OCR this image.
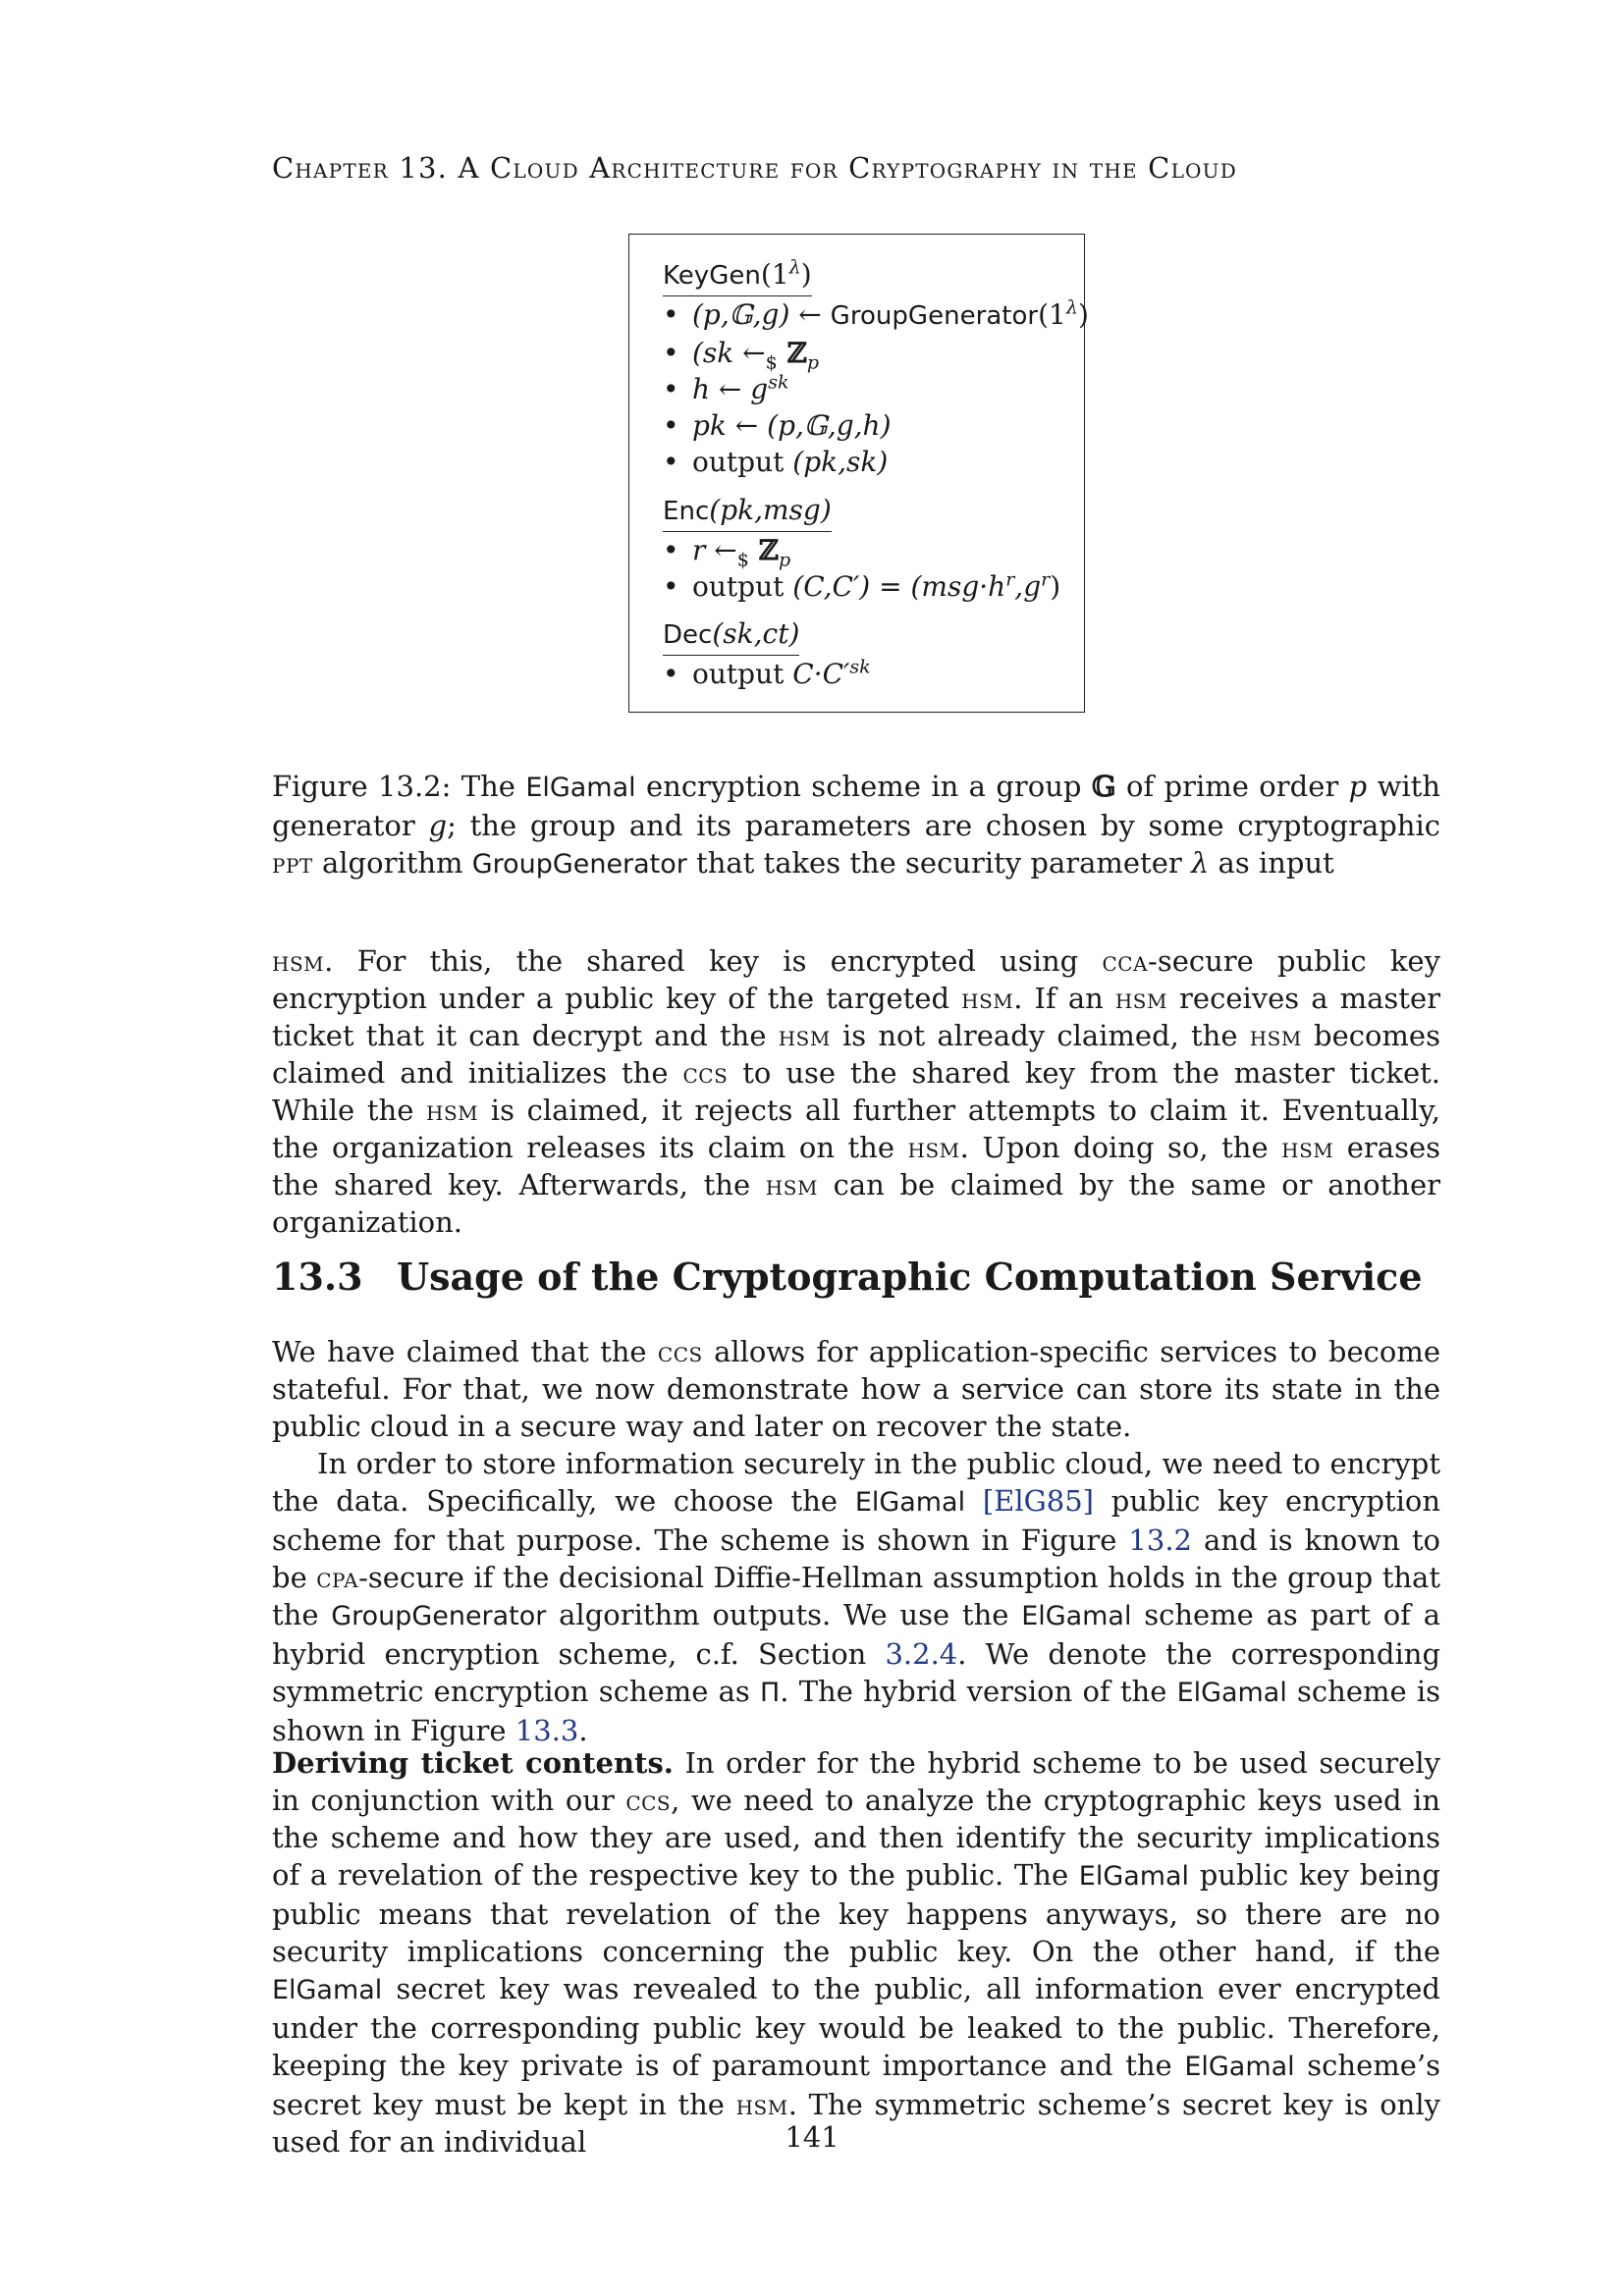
Chapter 13. A Cloud Architecture for Cryptography in the Cloud
$KeyGen(1^\lambda)$
• (p,𝔾,g) ← $GroupGenerator(1^\lambda)$
• (sk $\leftarrow_{\$}$ ℤ$_p$
• h ← $g^{sk}$
• pk ← (p,𝔾,g,h)
• output (pk,sk)
Enc(pk,msg)
• r $\leftarrow_{\$}$ ℤ$_p$
• output $(C,C') = (msg\cdot h^r,g^r)$
Dec(sk,ct)
• output $C\cdot C'^{sk}$
Figure 13.2: The ElGamal encryption scheme in a group 𝔾 of prime order p with generator g; the group and its parameters are chosen by some cryptographic ppt algorithm GroupGenerator that takes the security parameter λ as input

hsm. For this, the shared key is encrypted using cca-secure public key encryption under a public key of the targeted hsm. If an hsm receives a master ticket that it can decrypt and the hsm is not already claimed, the hsm becomes claimed and initializes the ccs to use the shared key from the master ticket. While the hsm is claimed, it rejects all further attempts to claim it. Eventually, the organization releases its claim on the hsm. Upon doing so, the hsm erases the shared key. Afterwards, the hsm can be claimed by the same or another organization.

13.3 Usage of the Cryptographic Computation Service

We have claimed that the ccs allows for application-specific services to become stateful. For that, we now demonstrate how a service can store its state in the public cloud in a secure way and later on recover the state.

In order to store information securely in the public cloud, we need to encrypt the data. Specifically, we choose the ElGamal [ElG85] public key encryption scheme for that purpose. The scheme is shown in Figure 13.2 and is known to be cpa-secure if the decisional Diffie-Hellman assumption holds in the group that the GroupGenerator algorithm outputs. We use the ElGamal scheme as part of a hybrid encryption scheme, c.f. Section 3.2.4. We denote the corresponding symmetric encryption scheme as Π. The hybrid version of the ElGamal scheme is shown in Figure 13.3.

Deriving ticket contents. In order for the hybrid scheme to be used securely in conjunction with our ccs, we need to analyze the cryptographic keys used in the scheme and how they are used, and then identify the security implications of a revelation of the respective key to the public. The ElGamal public key being public means that revelation of the key happens anyways, so there are no security implications concerning the public key. On the other hand, if the ElGamal secret key was revealed to the public, all information ever encrypted under the corresponding public key would be leaked to the public. Therefore, keeping the key private is of paramount importance and the ElGamal scheme’s secret key must be kept in the hsm. The symmetric scheme’s secret key is only used for an individual	141
